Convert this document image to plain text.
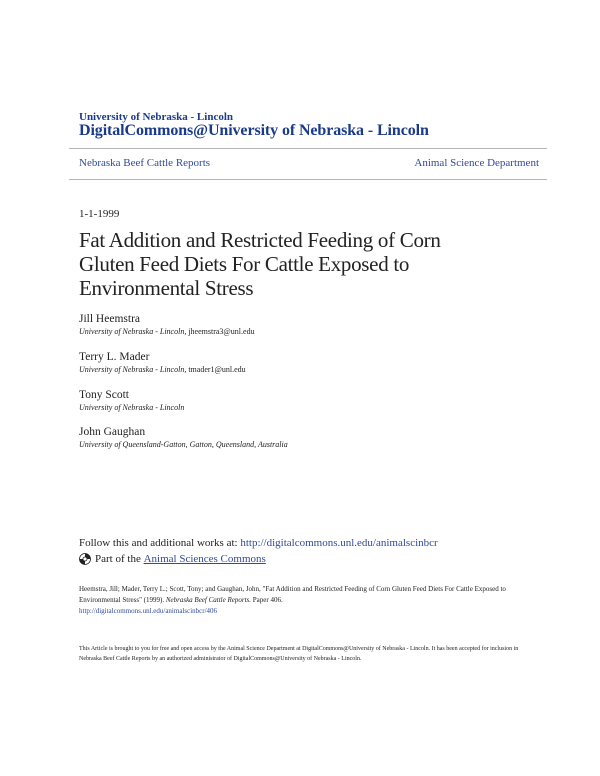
University of Nebraska - Lincoln
DigitalCommons@University of Nebraska - Lincoln
Nebraska Beef Cattle Reports	Animal Science Department
1-1-1999
Fat Addition and Restricted Feeding of Corn Gluten Feed Diets For Cattle Exposed to Environmental Stress
Jill Heemstra
University of Nebraska - Lincoln, jheemstra3@unl.edu
Terry L. Mader
University of Nebraska - Lincoln, tmader1@unl.edu
Tony Scott
University of Nebraska - Lincoln
John Gaughan
University of Queensland-Gatton, Gatton, Queensland, Australia
Follow this and additional works at: http://digitalcommons.unl.edu/animalscinbcr
Part of the
Animal Sciences Commons
Heemstra, Jill; Mader, Terry L.; Scott, Tony; and Gaughan, John, "Fat Addition and Restricted Feeding of Corn Gluten Feed Diets For Cattle Exposed to Environmental Stress" (1999). Nebraska Beef Cattle Reports. Paper 406.
http://digitalcommons.unl.edu/animalscinbcr/406
This Article is brought to you for free and open access by the Animal Science Department at DigitalCommons@University of Nebraska - Lincoln. It has been accepted for inclusion in Nebraska Beef Cattle Reports by an authorized administrator of DigitalCommons@University of Nebraska - Lincoln.
